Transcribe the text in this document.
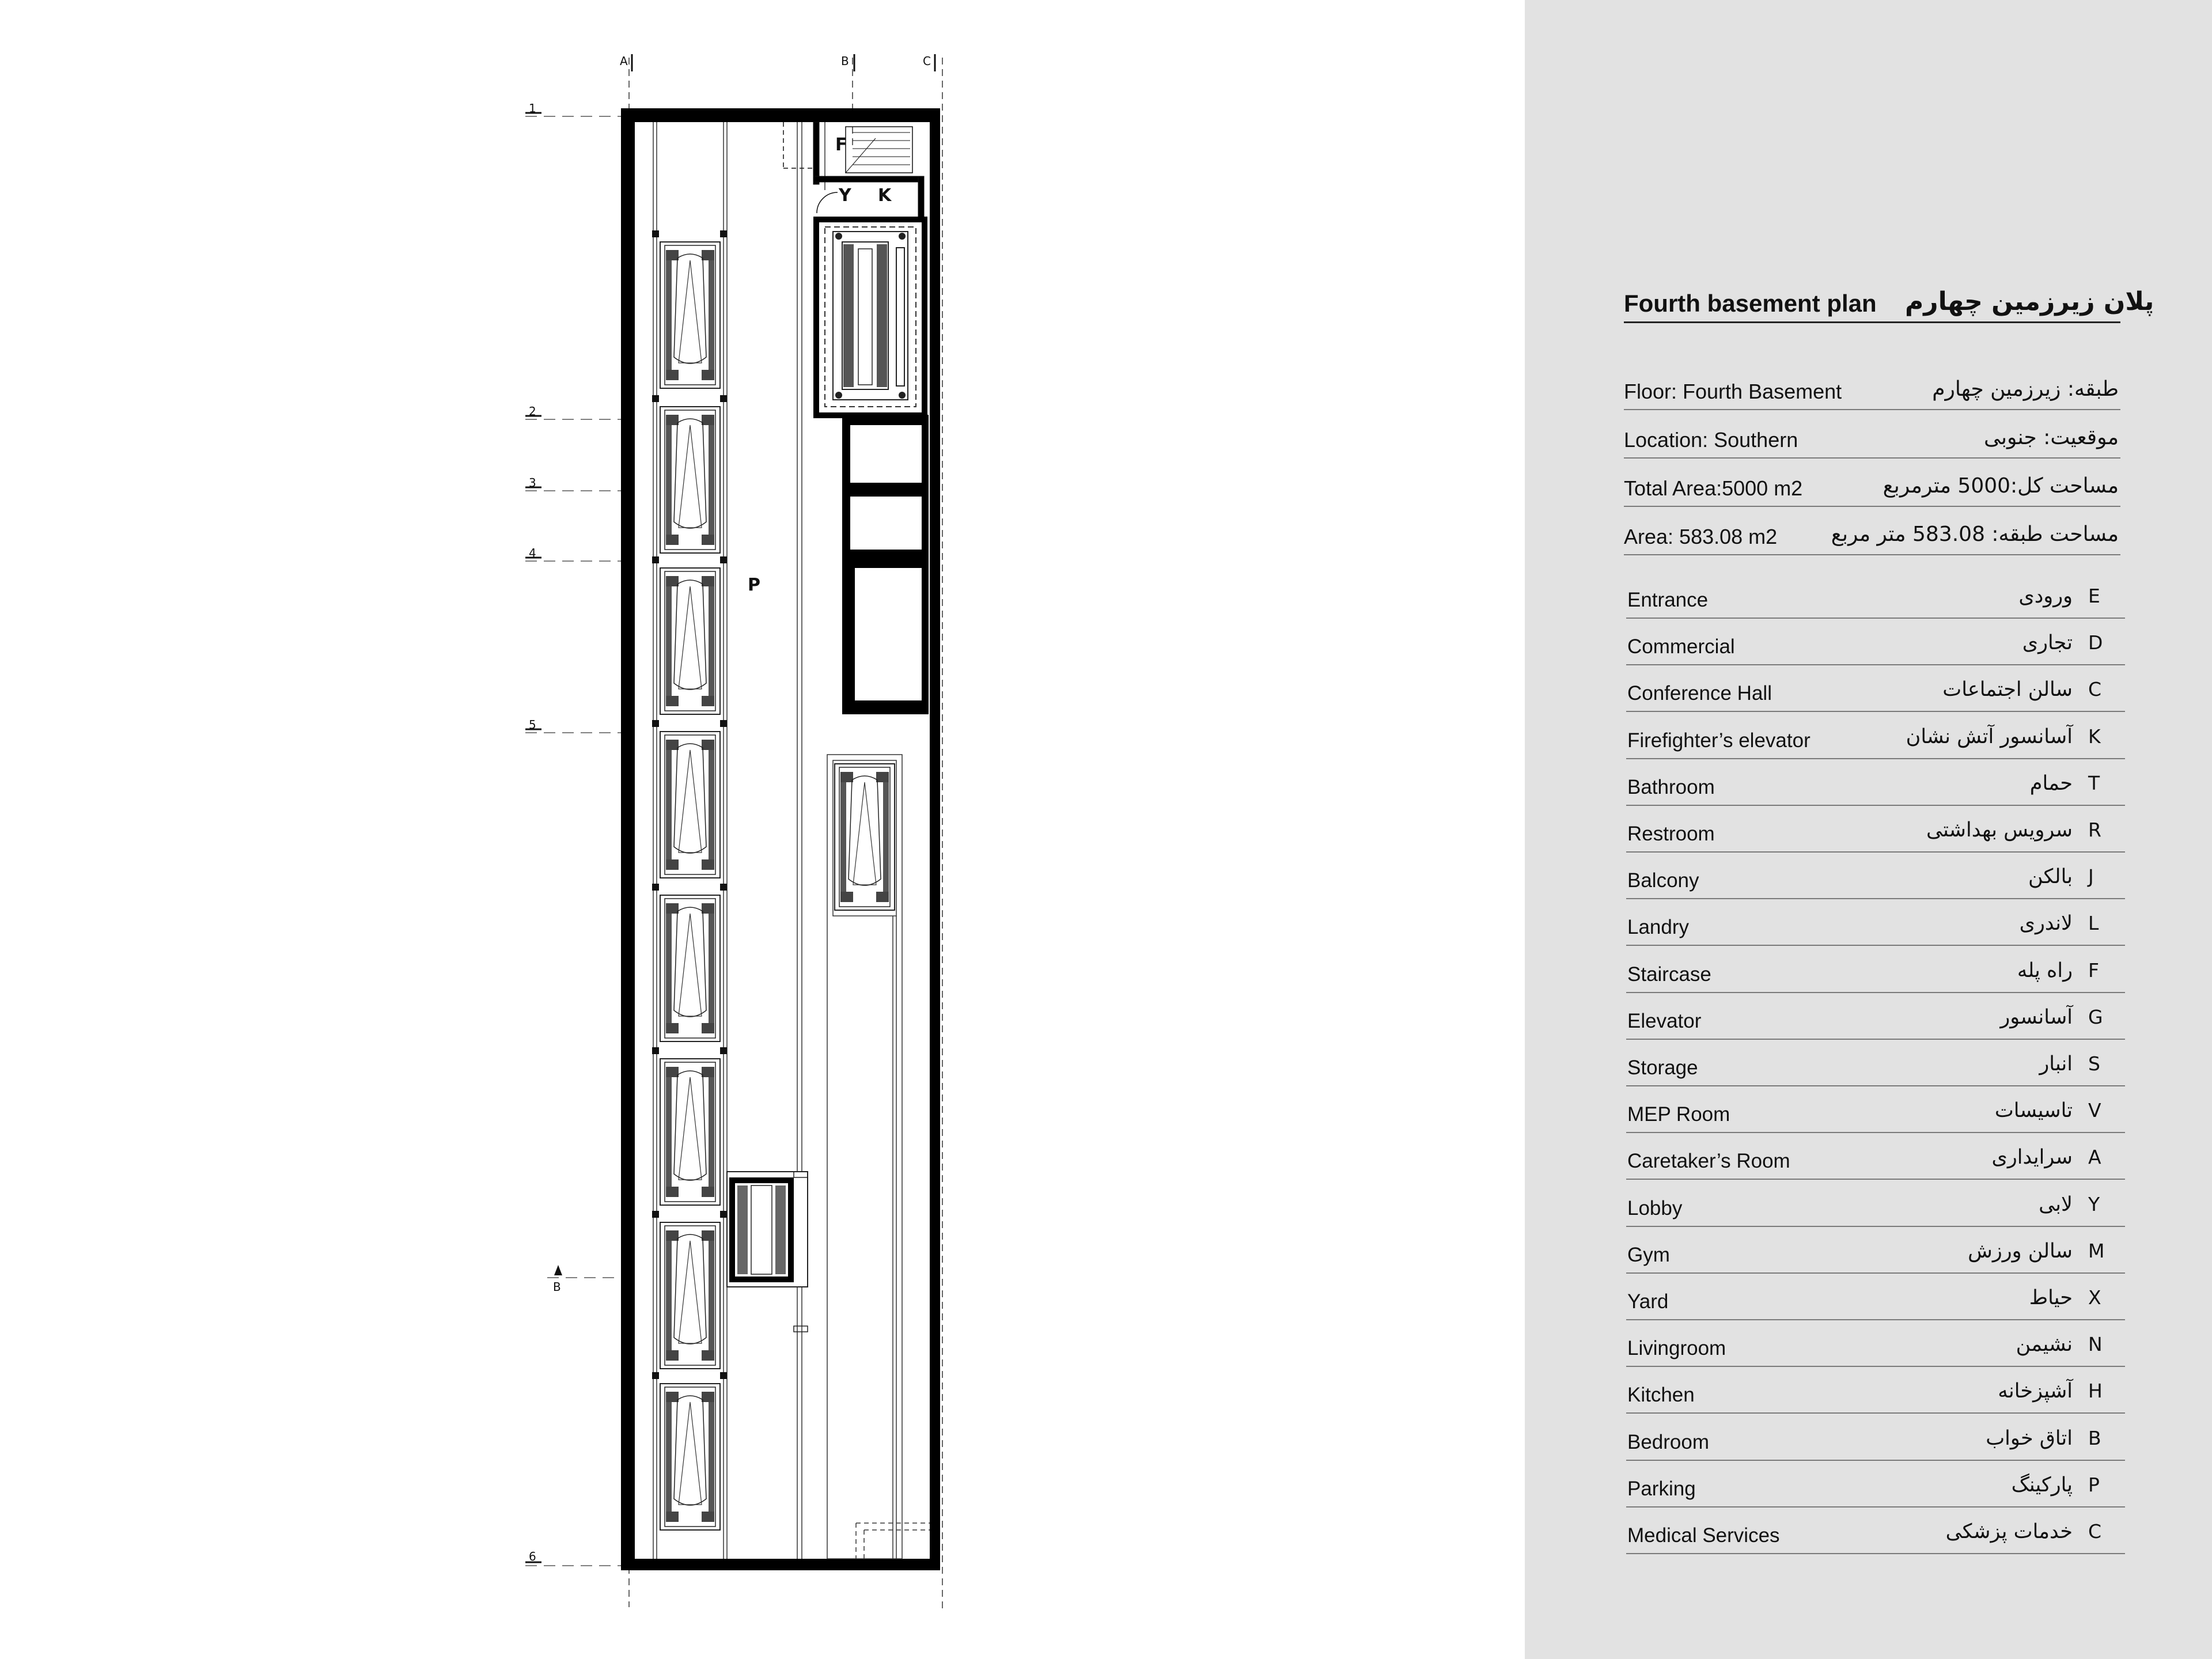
A	B	C
1
2
3
4
5
6
B
F
Y K
P
Fourth basement plan پلان زیرزمین چهارم
Floor: Fourth Basement	طبقه: زیرزمین چهارم
Location: Southern	موقعیت: جنوبی
Total Area:5000 m2	مساحت کل:5000 مترمربع
Area: 583.08 m2	مساحت طبقه: 583.08 متر مربع
Entrance	ورودی E
Commercial	تجاری D
Conference Hall	سالن اجتماعات C
Firefighter’s elevator	آسانسور آتش نشان K
Bathroom	حمام T
Restroom	سرویس بهداشتی R
Balcony	بالکن J
Landry	لاندری L
Staircase	راه پله F
Elevator	آسانسور G
Storage	انبار S
MEP Room	تاسیسات V
Caretaker’s Room	سرایداری A
Lobby	لابی Y
Gym	سالن ورزش M
Yard	حیاط X
Livingroom	نشیمن N
Kitchen	آشپزخانه H
Bedroom	اتاق خواب B
Parking	پارکینگ P
Medical Services	خدمات پزشکی C
